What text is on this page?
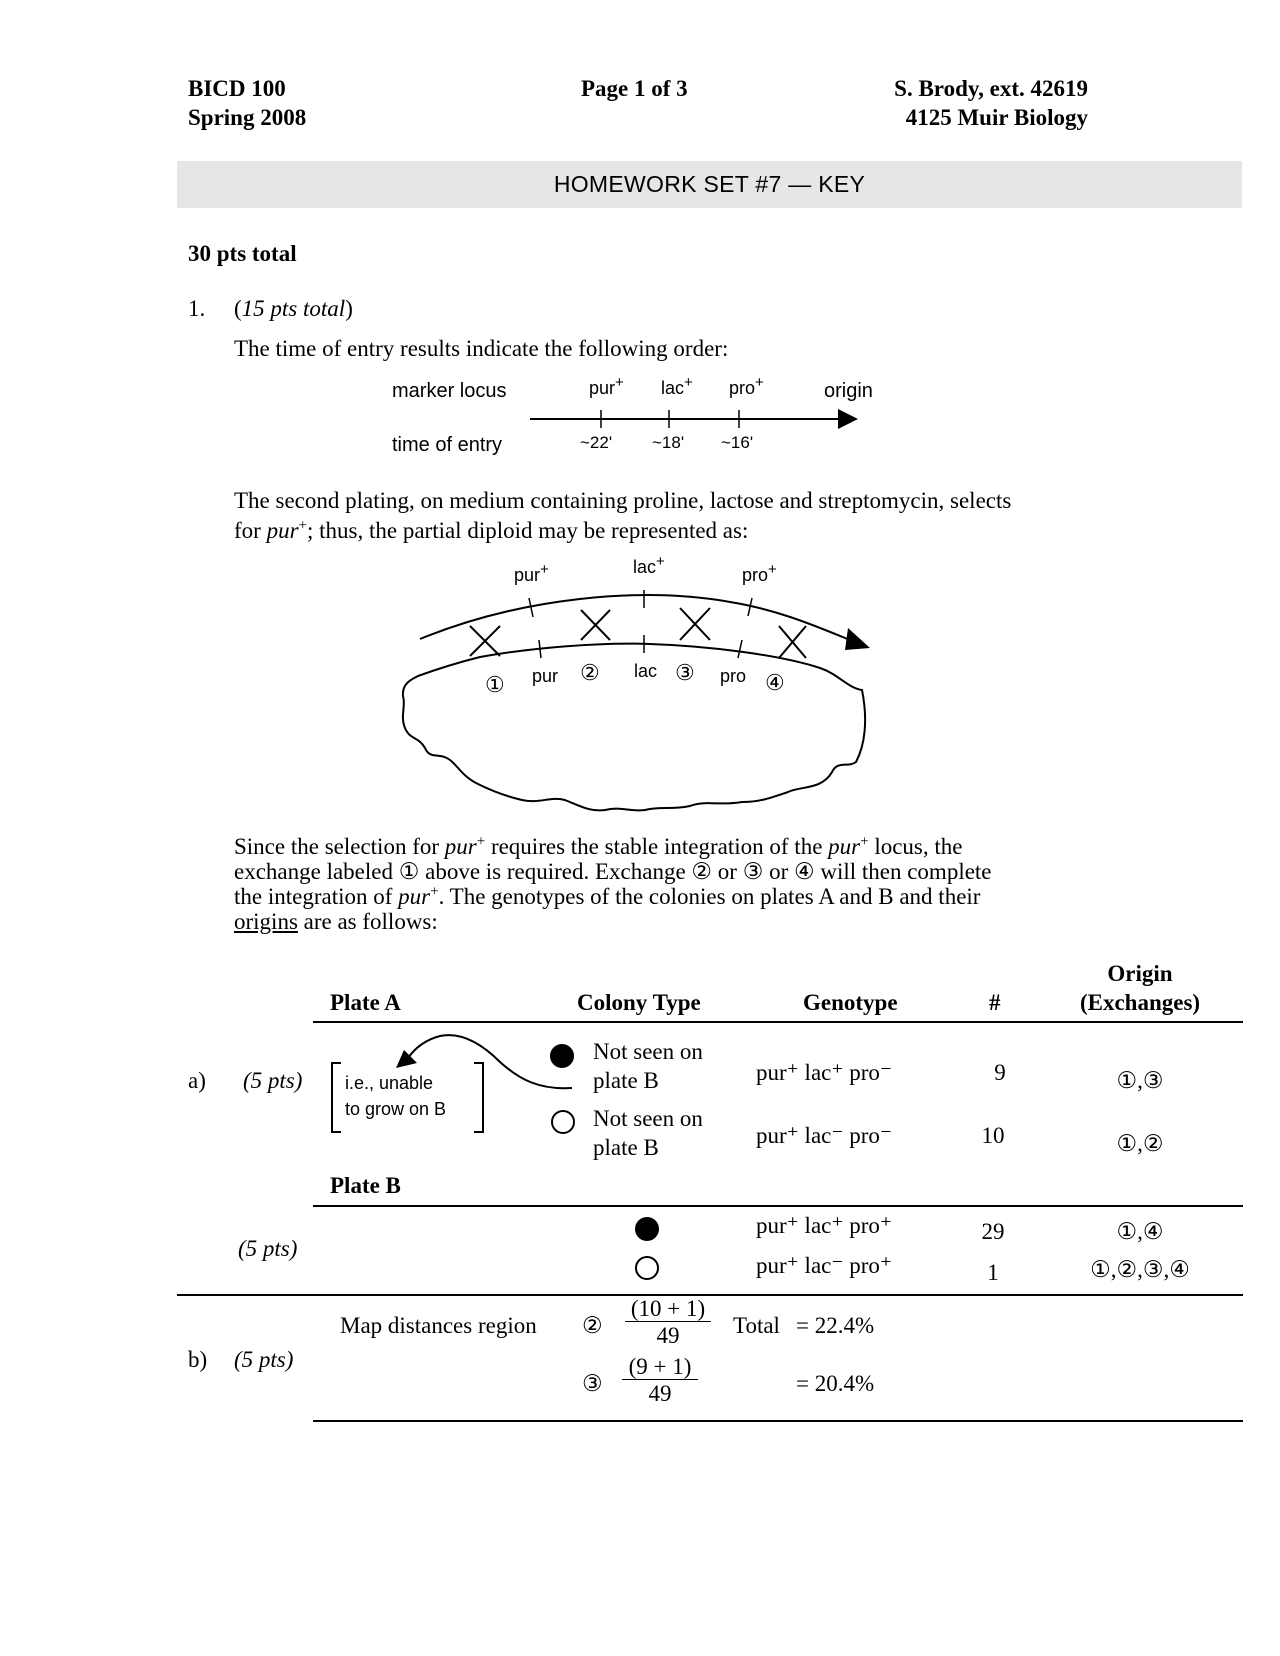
BICD 100
Spring 2008
Page 1 of 3	S. Brody, ext. 42619
4125 Muir Biology
HOMEWORK SET #7 — KEY
30 pts total
1. (15 pts total)
The time of entry results indicate the following order:
marker locus
time of entry
origin
pur+ lac+ pro+
~22' ~18' ~16'
The second plating, on medium containing proline, lactose and streptomycin, selects
for pur+; thus, the partial diploid may be represented as:
pur+	lac+
pro+
pur	lac	pro
①	②	③	④
Since the selection for pur+ requires the stable integration of the pur+ locus, the
exchange labeled ① above is required. Exchange ② or ③ or ④ will then complete
the integration of pur+. The genotypes of the colonies on plates A and B and their
origins are as follows:
Plate A	Colony Type	Genotype	#
Origin
(Exchanges)
a) (5 pts) i.e., unable
to grow on B
Not seen on
plate B	pur⁺ lac⁺ pro⁻	9	①,③
Not seen on
plate B	pur⁺ lac⁻ pro⁻	10	①,②
Plate B
(5 pts)
pur⁺ lac⁺ pro⁺	29	①,④
pur⁺ lac⁻ pro⁺	1	①,②,③,④
b) (5 pts)
Map distances region ② $\frac{(10 + 1)}{49}$ Total = 22.4%
③ $\frac{(9 + 1)}{49}$	= 20.4%
